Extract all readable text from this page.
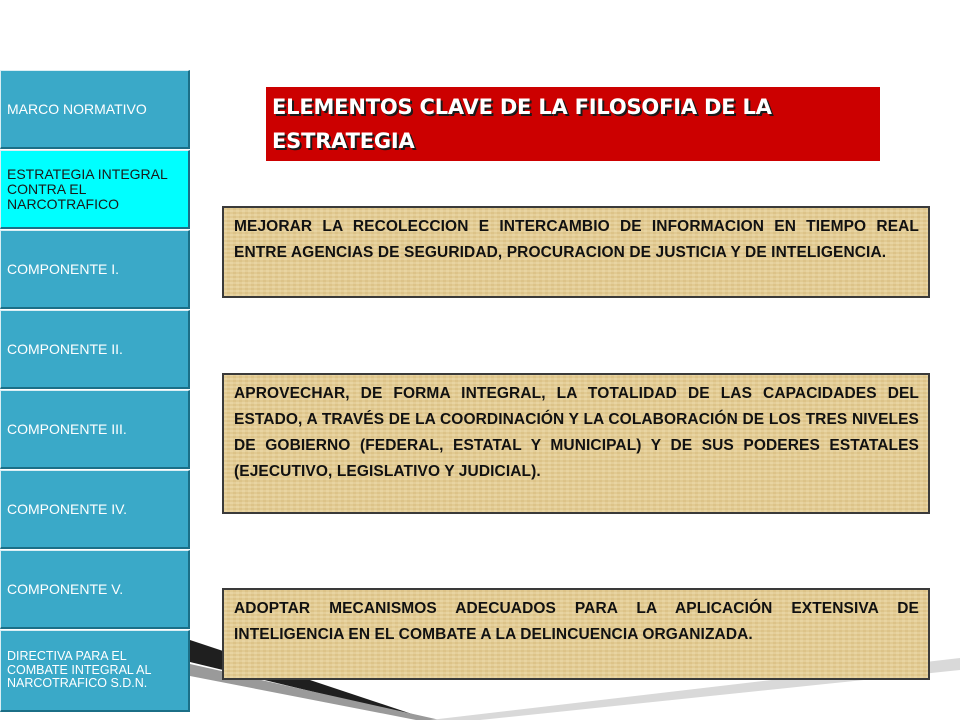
MARCO NORMATIVO
ESTRATEGIA INTEGRAL CONTRA EL NARCOTRAFICO
COMPONENTE I.
COMPONENTE II.
COMPONENTE III.
COMPONENTE IV.
COMPONENTE V.
DIRECTIVA PARA EL COMBATE INTEGRAL AL NARCOTRAFICO S.D.N.
ELEMENTOS CLAVE DE LA FILOSOFIA DE LA ESTRATEGIA
MEJORAR LA RECOLECCION E INTERCAMBIO DE INFORMACION EN TIEMPO REAL ENTRE AGENCIAS DE SEGURIDAD, PROCURACION DE JUSTICIA Y DE INTELIGENCIA.
APROVECHAR, DE FORMA INTEGRAL, LA TOTALIDAD DE LAS CAPACIDADES DEL ESTADO, A TRAVÉS DE LA COORDINACIÓN Y LA COLABORACIÓN DE LOS TRES NIVELES DE GOBIERNO (FEDERAL, ESTATAL Y MUNICIPAL) Y DE SUS PODERES ESTATALES (EJECUTIVO, LEGISLATIVO Y JUDICIAL).
ADOPTAR MECANISMOS ADECUADOS PARA LA APLICACIÓN EXTENSIVA DE INTELIGENCIA EN EL COMBATE A LA DELINCUENCIA ORGANIZADA.
